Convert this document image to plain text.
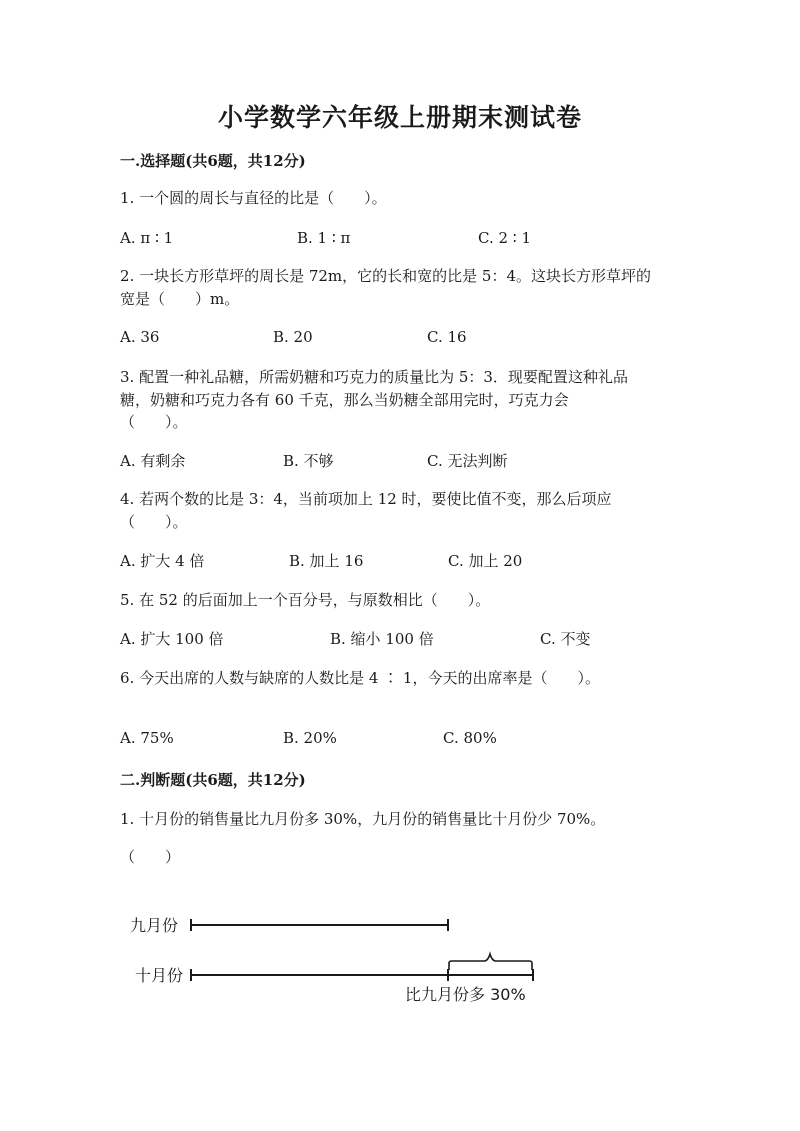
小学数学六年级上册期末测试卷
一.选择题(共6题，共12分)
1. 一个圆的周长与直径的比是（　　）。
A. π ∶ 1	B. 1 ∶ π	C. 2 ∶ 1
2. 一块长方形草坪的周长是 72m，它的长和宽的比是 5：4。这块长方形草坪的
宽是（　　）m。
A. 36	B. 20	C. 16
3. 配置一种礼品糖，所需奶糖和巧克力的质量比为 5：3．现要配置这种礼品
糖，奶糖和巧克力各有 60 千克，那么当奶糖全部用完时，巧克力会
（　　）。
A. 有剩余	B. 不够	C. 无法判断
4. 若两个数的比是 3：4，当前项加上 12 时，要使比值不变，那么后项应
（　　）。
A. 扩大 4 倍	B. 加上 16	C. 加上 20
5. 在 52 的后面加上一个百分号，与原数相比（　　）。
A. 扩大 100 倍	B. 缩小 100 倍	C. 不变
6. 今天出席的人数与缺席的人数比是 4 ∶ 1，今天的出席率是（　　）。
A. 75%	B. 20%	C. 80%
二.判断题(共6题，共12分)
1. 十月份的销售量比九月份多 30%，九月份的销售量比十月份少 70%。
（　　）
九月份
十月份
比九月份多 30%
